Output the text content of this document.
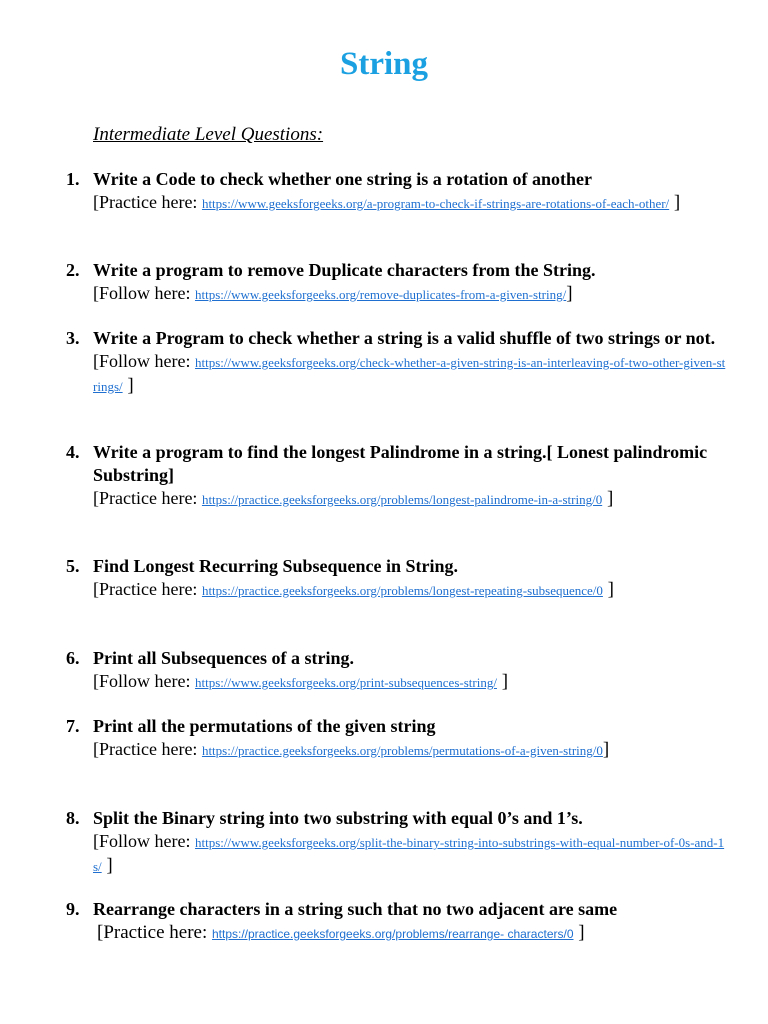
String
Intermediate Level Questions:
1. Write a Code to check whether one string is a rotation of another
[Practice here: https://www.geeksforgeeks.org/a-program-to-check-if-strings-are-rotations-of-each-other/ ]
2. Write a program to remove Duplicate characters from the String.
[Follow here: https://www.geeksforgeeks.org/remove-duplicates-from-a-given-string/]
3. Write a Program to check whether a string is a valid shuffle of two strings or not.
[Follow here: https://www.geeksforgeeks.org/check-whether-a-given-string-is-an-interleaving-of-two-other-given-strings/ ]
4. Write a program to find the longest Palindrome in a string.[ Lonest palindromic Substring]
[Practice here: https://practice.geeksforgeeks.org/problems/longest-palindrome-in-a-string/0 ]
5. Find Longest Recurring Subsequence in String.
[Practice here: https://practice.geeksforgeeks.org/problems/longest-repeating-subsequence/0 ]
6. Print all Subsequences of a string.
[Follow here: https://www.geeksforgeeks.org/print-subsequences-string/ ]
7. Print all the permutations of the given string
[Practice here: https://practice.geeksforgeeks.org/problems/permutations-of-a-given-string/0]
8. Split the Binary string into two substring with equal 0’s and 1’s.
[Follow here: https://www.geeksforgeeks.org/split-the-binary-string-into-substrings-with-equal-number-of-0s-and-1s/ ]
9. Rearrange characters in a string such that no two adjacent are same
[Practice here: https://practice.geeksforgeeks.org/problems/rearrange- characters/0 ]
